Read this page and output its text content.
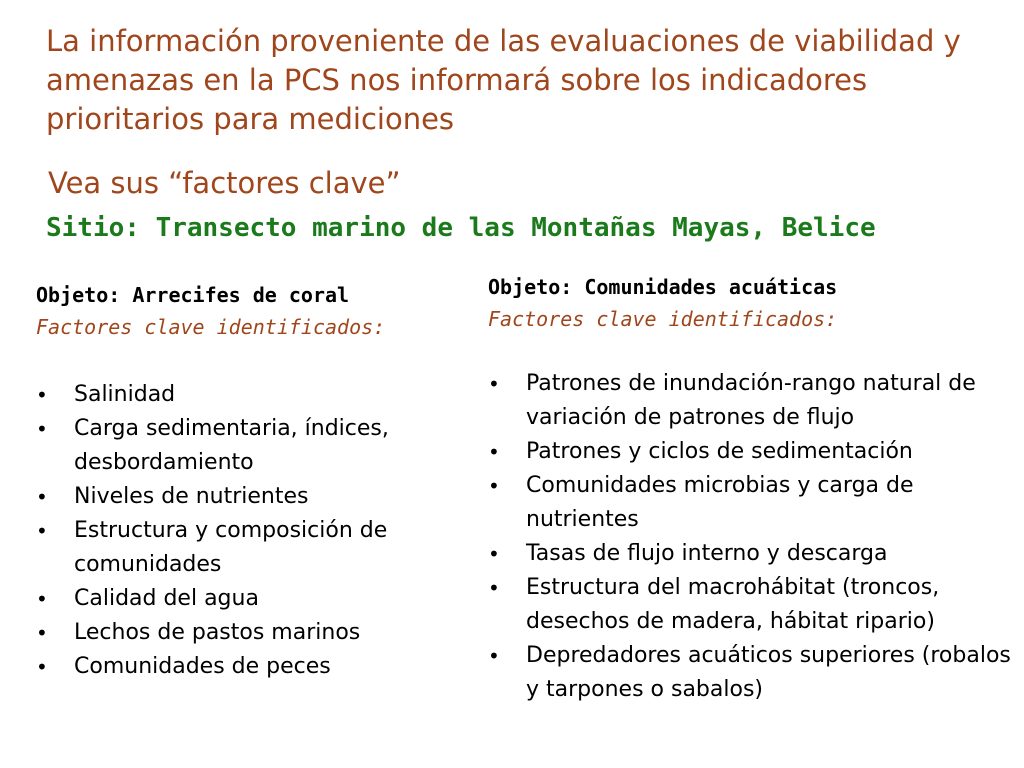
La información proveniente de las evaluaciones de viabilidad y amenazas en la PCS nos informará sobre los indicadores prioritarios para mediciones
Vea sus “factores clave”
Sitio: Transecto marino de las Montañas Mayas, Belice
Objeto: Arrecifes de coral
Factores clave identificados:
• Salinidad
• Carga sedimentaria, índices, desbordamiento
• Niveles de nutrientes
• Estructura y composición de comunidades
• Calidad del agua
• Lechos de pastos marinos
• Comunidades de peces
Objeto: Comunidades acuáticas
Factores clave identificados:
• Patrones de inundación-rango natural de variación de patrones de flujo
• Patrones y ciclos de sedimentación
• Comunidades microbias y carga de nutrientes
• Tasas de flujo interno y descarga
• Estructura del macrohábitat (troncos, desechos de madera, hábitat ripario)
• Depredadores acuáticos superiores (robalos y tarpones o sabalos)
